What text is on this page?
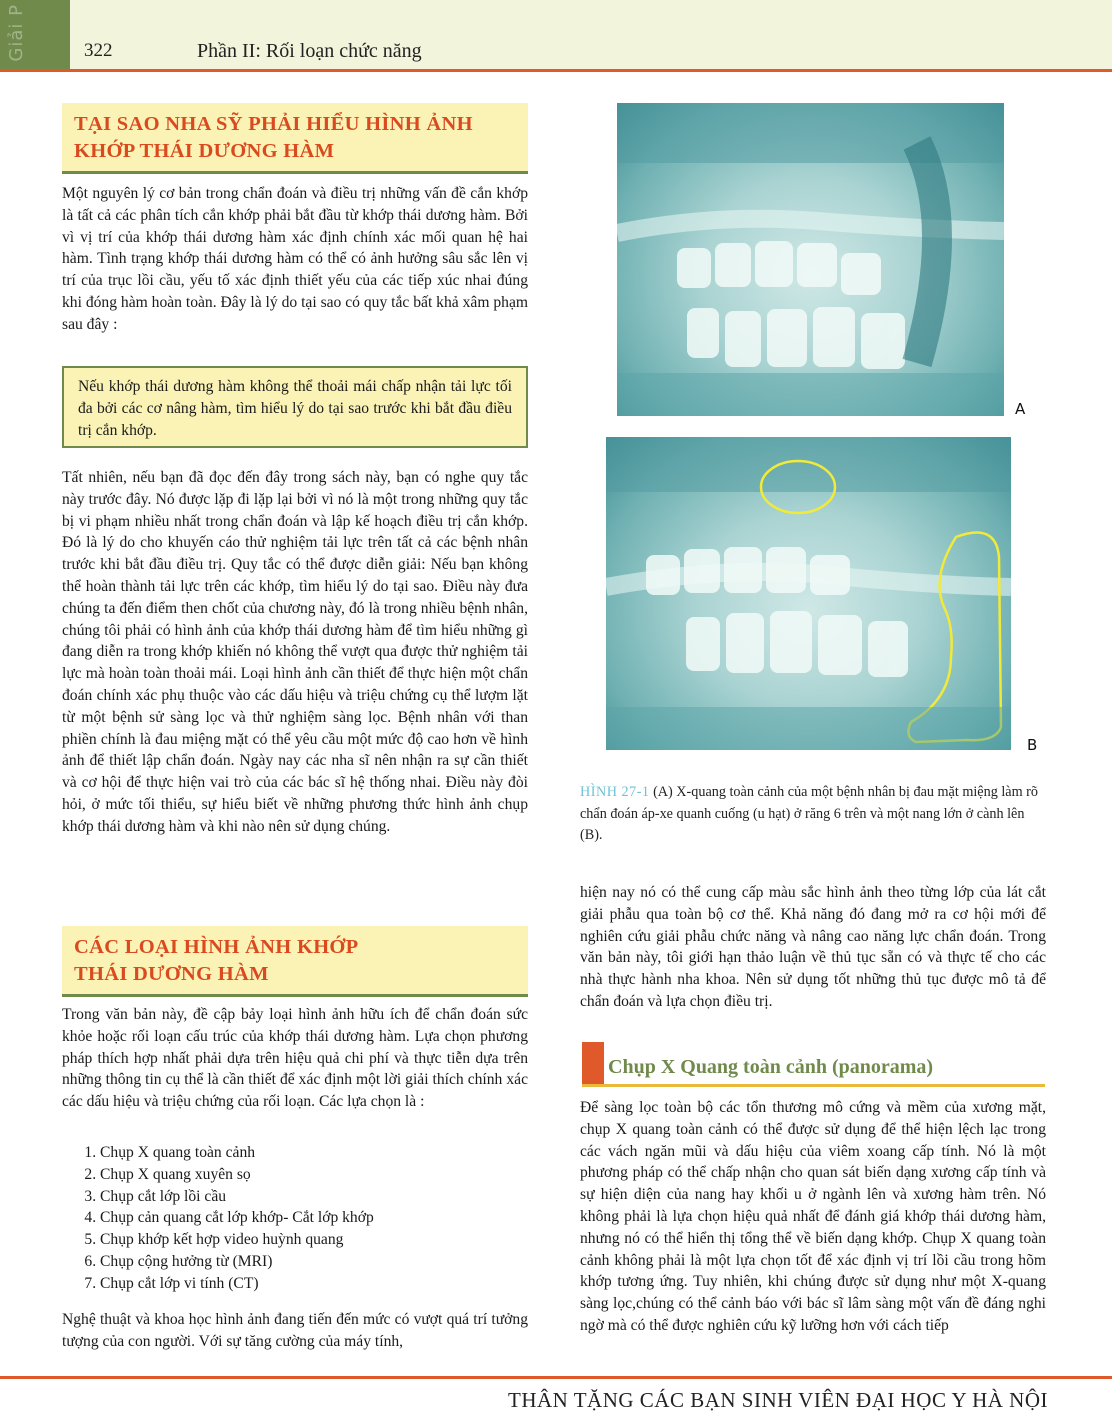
Giải P	322	Phần II: Rối loạn chức năng
TẠI SAO NHA SỸ PHẢI HIỂU HÌNH ẢNH
KHỚP THÁI DƯƠNG HÀM

Một nguyên lý cơ bản trong chẩn đoán và điều trị những vấn đề cắn khớp là tất cả các phân tích cắn khớp phải bắt đầu từ khớp thái dương hàm. Bởi vì vị trí của khớp thái dương hàm xác định chính xác mối quan hệ hai hàm. Tình trạng khớp thái dương hàm có thể có ảnh hưởng sâu sắc lên vị trí của trục lồi cầu, yếu tố xác định thiết yếu của các tiếp xúc nhai đúng khi đóng hàm hoàn toàn. Đây là lý do tại sao có quy tắc bất khả xâm phạm sau đây :

Nếu khớp thái dương hàm không thể thoải mái chấp nhận tải lực tối đa bởi các cơ nâng hàm, tìm hiểu lý do tại sao trước khi bắt đầu điều trị cắn khớp.

Tất nhiên, nếu bạn đã đọc đến đây trong sách này, bạn có nghe quy tắc này trước đây. Nó được lặp đi lặp lại bởi vì nó là một trong những quy tắc bị vi phạm nhiều nhất trong chẩn đoán và lập kế hoạch điều trị cắn khớp. Đó là lý do cho khuyến cáo thử nghiệm tải lực trên tất cả các bệnh nhân trước khi bắt đầu điều trị. Quy tắc có thể được diễn giải: Nếu bạn không thể hoàn thành tải lực trên các khớp, tìm hiểu lý do tại sao. Điều này đưa chúng ta đến điểm then chốt của chương này, đó là trong nhiều bệnh nhân, chúng tôi phải có hình ảnh của khớp thái dương hàm để tìm hiểu những gì đang diễn ra trong khớp khiến nó không thể vượt qua được thử nghiệm tải lực mà hoàn toàn thoải mái. Loại hình ảnh cần thiết để thực hiện một chẩn đoán chính xác phụ thuộc vào các dấu hiệu và triệu chứng cụ thể lượm lặt từ một bệnh sử sàng lọc và thử nghiệm sàng lọc. Bệnh nhân với than phiền chính là đau miệng mặt có thể yêu cầu một mức độ cao hơn về hình ảnh để thiết lập chẩn đoán. Ngày nay các nha sĩ nên nhận ra sự cần thiết và cơ hội để thực hiện vai trò của các bác sĩ hệ thống nhai. Điều này đòi hỏi, ở mức tối thiểu, sự hiểu biết về những phương thức hình ảnh chụp khớp thái dương hàm và khi nào nên sử dụng chúng.

CÁC LOẠI HÌNH ẢNH KHỚP
THÁI DƯƠNG HÀM

Trong văn bản này, đề cập bảy loại hình ảnh hữu ích để chẩn đoán sức khỏe hoặc rối loạn cấu trúc của khớp thái dương hàm. Lựa chọn phương pháp thích hợp nhất phải dựa trên hiệu quả chi phí và thực tiễn dựa trên những thông tin cụ thể là cần thiết để xác định một lời giải thích chính xác các dấu hiệu và triệu chứng của rối loạn. Các lựa chọn là :

1. Chụp X quang toàn cảnh
2. Chụp X quang xuyên sọ
3. Chụp cắt lớp lồi cầu
4. Chụp cản quang cắt lớp khớp- Cắt lớp khớp
5. Chụp khớp kết hợp video huỳnh quang
6. Chụp cộng hưởng từ (MRI)
7. Chụp cắt lớp vi tính (CT)

Nghệ thuật và khoa học hình ảnh đang tiến đến mức có vượt quá trí tưởng tượng của con người. Với sự tăng cường của máy tính,

A
B
HÌNH 27-1 (A) X-quang toàn cảnh của một bệnh nhân bị đau mặt miệng làm rõ chẩn đoán áp-xe quanh cuống (u hạt) ở răng 6 trên và một nang lớn ở cành lên (B).

hiện nay nó có thể cung cấp màu sắc hình ảnh theo từng lớp của lát cắt giải phẫu qua toàn bộ cơ thể. Khả năng đó đang mở ra cơ hội mới để nghiên cứu giải phẫu chức năng và nâng cao năng lực chẩn đoán. Trong văn bản này, tôi giới hạn thảo luận về thủ tục sẵn có và thực tế cho các nhà thực hành nha khoa. Nên sử dụng tốt những thủ tục được mô tả để chẩn đoán và lựa chọn điều trị.

Chụp X Quang toàn cảnh (panorama)

Để sàng lọc toàn bộ các tổn thương mô cứng và mềm của xương mặt, chụp X quang toàn cảnh có thể được sử dụng để thể hiện lệch lạc trong các vách ngăn mũi và dấu hiệu của viêm xoang cấp tính. Nó là một phương pháp có thể chấp nhận cho quan sát biến dạng xương cấp tính và sự hiện diện của nang hay khối u ở ngành lên và xương hàm trên. Nó không phải là lựa chọn hiệu quả nhất để đánh giá khớp thái dương hàm, nhưng nó có thể hiển thị tổng thể về biến dạng khớp. Chụp X quang toàn cảnh không phải là một lựa chọn tốt để xác định vị trí lồi cầu trong hõm khớp tương ứng. Tuy nhiên, khi chúng được sử dụng như một X-quang sàng lọc,chúng có thể cảnh báo với bác sĩ lâm sàng một vấn đề đáng nghi ngờ mà có thể được nghiên cứu kỹ lưỡng hơn với cách tiếp

THÂN TẶNG CÁC BẠN SINH VIÊN ĐẠI HỌC Y HÀ NỘI
